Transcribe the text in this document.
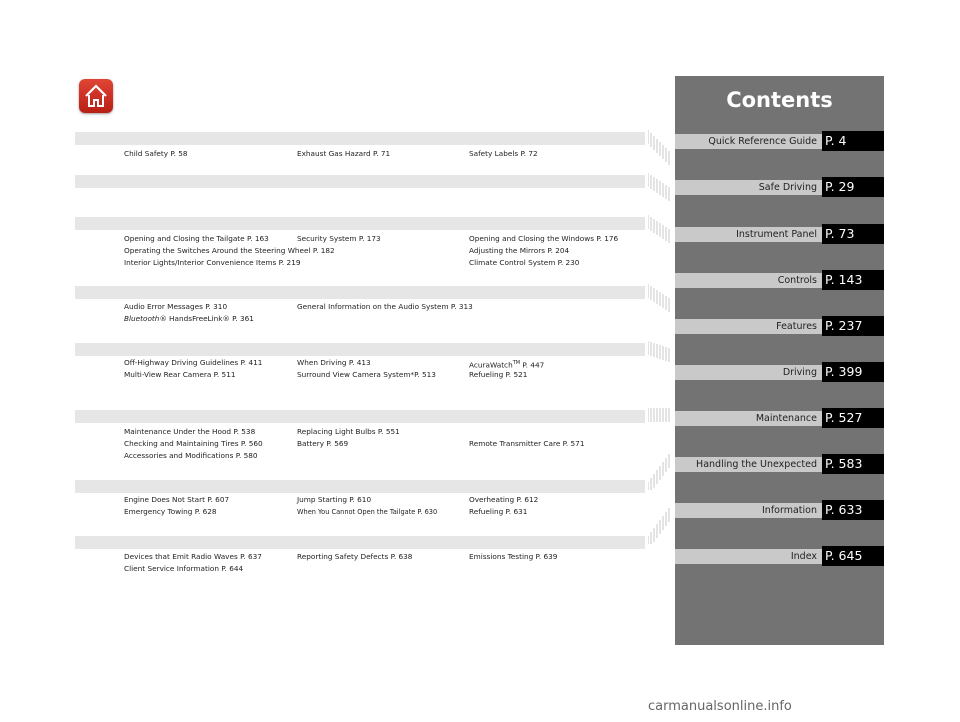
Child Safety P. 58	Exhaust Gas Hazard P. 71	Safety Labels P. 72
Opening and Closing the Tailgate P. 163	Security System P. 173	Opening and Closing the Windows P. 176
Operating the Switches Around the Steering Wheel P. 182	Adjusting the Mirrors P. 204
Interior Lights/Interior Convenience Items P. 219	Climate Control System P. 230
Audio Error Messages P. 310	General Information on the Audio System P. 313
Bluetooth® HandsFreeLink® P. 361
Off-Highway Driving Guidelines P. 411	When Driving P. 413	AcuraWatch™ P. 447
Multi-View Rear Camera P. 511	Surround View Camera System*P. 513	Refueling P. 521
Maintenance Under the Hood P. 538	Replacing Light Bulbs P. 551
Checking and Maintaining Tires P. 560	Battery P. 569	Remote Transmitter Care P. 571
Accessories and Modifications P. 580
Engine Does Not Start P. 607	Jump Starting P. 610	Overheating P. 612
Emergency Towing P. 628	When You Cannot Open the Tailgate P. 630	Refueling P. 631
Devices that Emit Radio Waves P. 637	Reporting Safety Defects P. 638	Emissions Testing P. 639
Client Service Information P. 644
Contents
Quick Reference Guide P. 4
Safe Driving P. 29
Instrument Panel P. 73
Controls P. 143
Features P. 237
Driving P. 399
Maintenance P. 527
Handling the Unexpected P. 583
Information P. 633
Index P. 645
carmanualsonline.info
